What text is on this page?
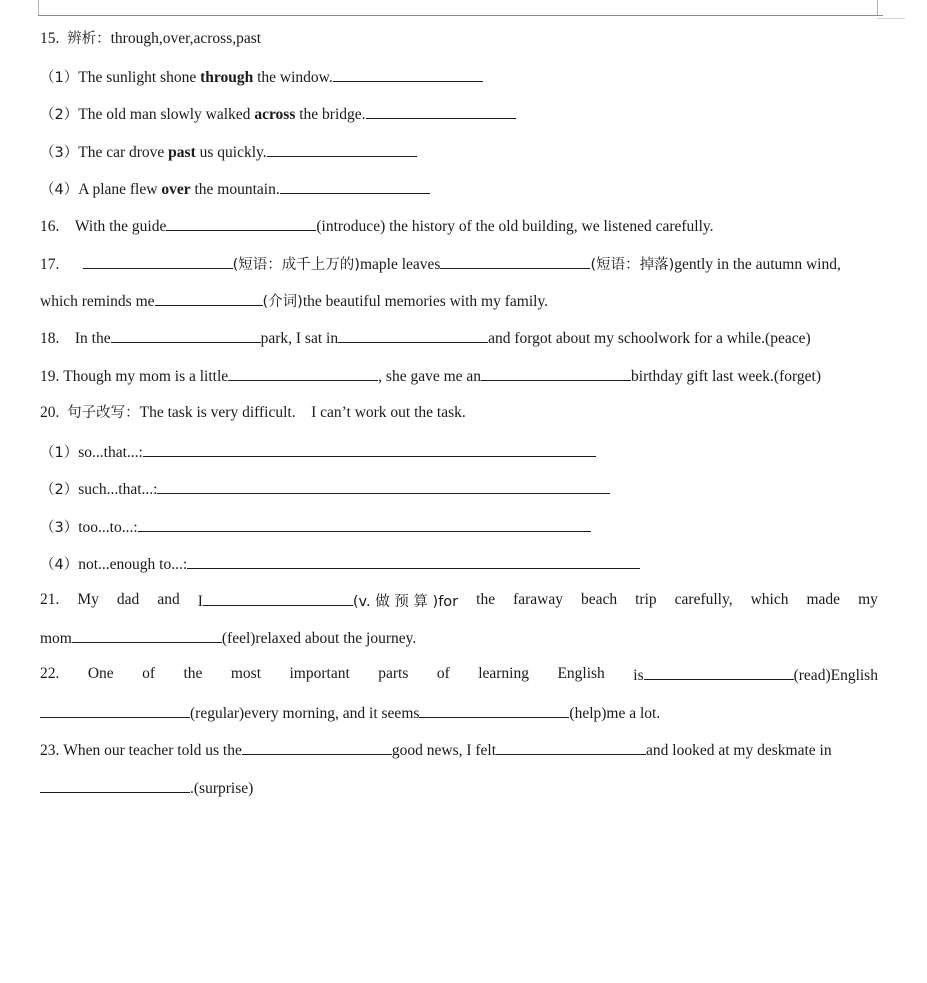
15. 辨析：through,over,across,past
（1）The sunlight shone through the window.
（2）The old man slowly walked across the bridge.
（3）The car drove past us quickly.
（4）A plane flew over the mountain.
16. With the guide	(introduce) the history of the old building, we listened carefully.
17.	(短语：成千上万的)maple leaves	(短语：掉落)gently in the autumn wind,
which reminds me	(介词)the beautiful memories with my family.
18. In the	park, I sat in	and forgot about my schoolwork for a while.(peace)
19. Though my mom is a little	, she gave me an	birthday gift last week.(forget)
20. 句子改写：The task is very difficult.    I can’t work out the task.
（1）so...that...:
（2）such...that...:
（3）too...to...:
（4）not...enough to...:
21. My dad and I	(v. 做 预 算 )for the faraway beach trip carefully, which made my
mom	(feel)relaxed about the journey.
22. One of the most important parts of learning English is	(read)English
(regular)every morning, and it seems	(help)me a lot.
23. When our teacher told us the	good news, I felt	and looked at my deskmate in
.(surprise)
